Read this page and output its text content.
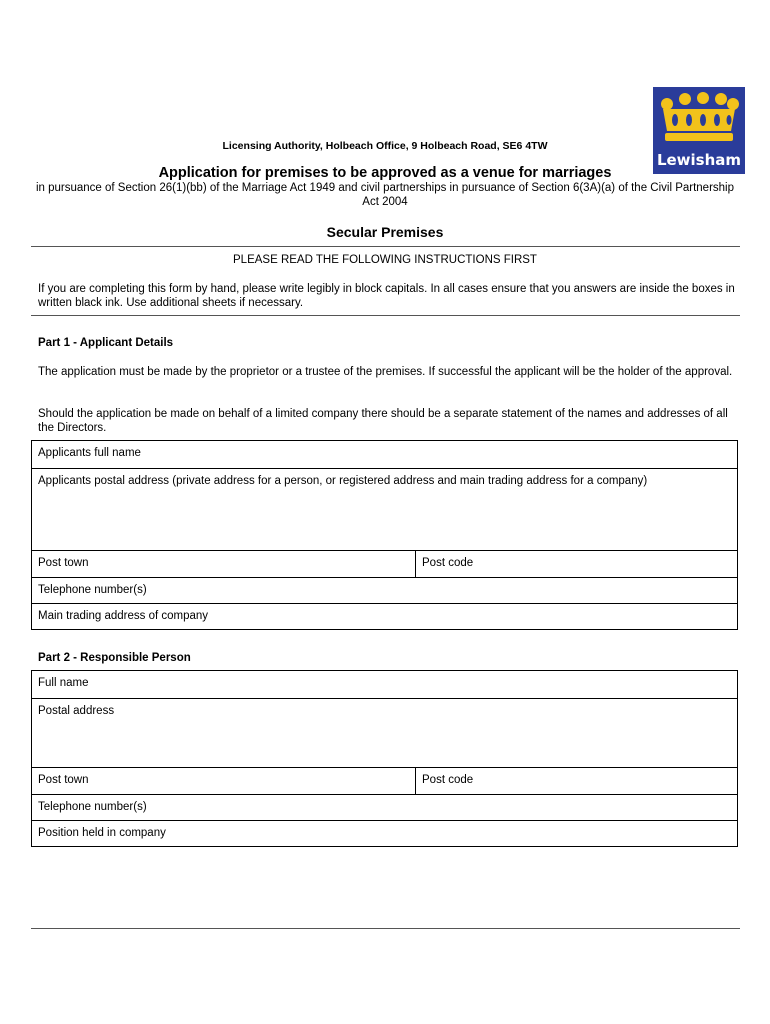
Lewisham
Licensing Authority, Holbeach Office, 9 Holbeach Road, SE6 4TW
Application for premises to be approved as a venue for marriages
in pursuance of Section 26(1)(bb) of the Marriage Act 1949 and civil partnerships in pursuance of Section 6(3A)(a) of the Civil Partnership Act 2004
Secular Premises
PLEASE READ THE FOLLOWING INSTRUCTIONS FIRST
If you are completing this form by hand, please write legibly in block capitals. In all cases ensure that you answers are inside the boxes in written black ink. Use additional sheets if necessary.
Part 1 - Applicant Details
The application must be made by the proprietor or a trustee of the premises. If successful the applicant will be the holder of the approval.
Should the application be made on behalf of a limited company there should be a separate statement of the names and addresses of all the Directors.
Applicants full name
Applicants postal address (private address for a person, or registered address and main trading address for a company)
Post town	Post code
Telephone number(s)
Main trading address of company
Part 2 - Responsible Person
Full name
Postal address
Post town	Post code
Telephone number(s)
Position held in company
